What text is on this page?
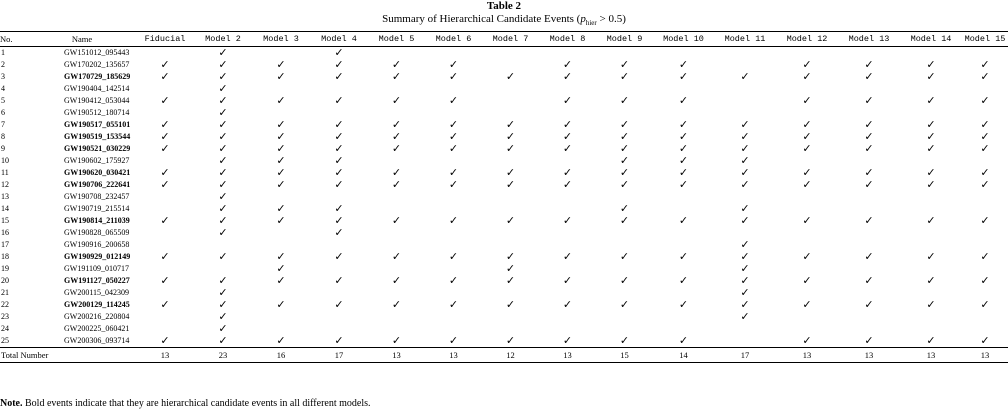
Table 2
Summary of Hierarchical Candidate Events $(p_{hier} > 0.5)$
No.	Name	Fiducial	Model 2	Model 3	Model 4	Model 5	Model 6	Model 7	Model 8	Model 9	Model 10	Model 11	Model 12	Model 13	Model 14	Model 15
1	GW151012_095443		✓		✓											
2	GW170202_135657	✓	✓	✓	✓	✓	✓		✓	✓	✓		✓	✓	✓	✓
3	GW170729_185629	✓	✓	✓	✓	✓	✓	✓	✓	✓	✓	✓	✓	✓	✓	✓
4	GW190404_142514		✓													
5	GW190412_053044	✓	✓	✓	✓	✓	✓		✓	✓	✓		✓	✓	✓	✓
6	GW190512_180714		✓													
7	GW190517_055101	✓	✓	✓	✓	✓	✓	✓	✓	✓	✓	✓	✓	✓	✓	✓
8	GW190519_153544	✓	✓	✓	✓	✓	✓	✓	✓	✓	✓	✓	✓	✓	✓	✓
9	GW190521_030229	✓	✓	✓	✓	✓	✓	✓	✓	✓	✓	✓	✓	✓	✓	✓
10	GW190602_175927		✓	✓	✓					✓	✓	✓				
11	GW190620_030421	✓	✓	✓	✓	✓	✓	✓	✓	✓	✓	✓	✓	✓	✓	✓
12	GW190706_222641	✓	✓	✓	✓	✓	✓	✓	✓	✓	✓	✓	✓	✓	✓	✓
13	GW190708_232457		✓													
14	GW190719_215514		✓	✓	✓					✓		✓				
15	GW190814_211039	✓	✓	✓	✓	✓	✓	✓	✓	✓	✓	✓	✓	✓	✓	✓
16	GW190828_065509		✓		✓											
17	GW190916_200658											✓				
18	GW190929_012149	✓	✓	✓	✓	✓	✓	✓	✓	✓	✓	✓	✓	✓	✓	✓
19	GW191109_010717			✓				✓				✓				
20	GW191127_050227	✓	✓	✓	✓	✓	✓	✓	✓	✓	✓	✓	✓	✓	✓	✓
21	GW200115_042309		✓									✓				
22	GW200129_114245	✓	✓	✓	✓	✓	✓	✓	✓	✓	✓	✓	✓	✓	✓	✓
23	GW200216_220804		✓									✓				
24	GW200225_060421		✓													
25	GW200306_093714	✓	✓	✓	✓	✓	✓	✓	✓	✓	✓		✓	✓	✓	✓
Total Number		13	23	16	17	13	13	12	13	15	14	17	13	13	13	13
Note. Bold events indicate that they are hierarchical candidate events in all different models.
